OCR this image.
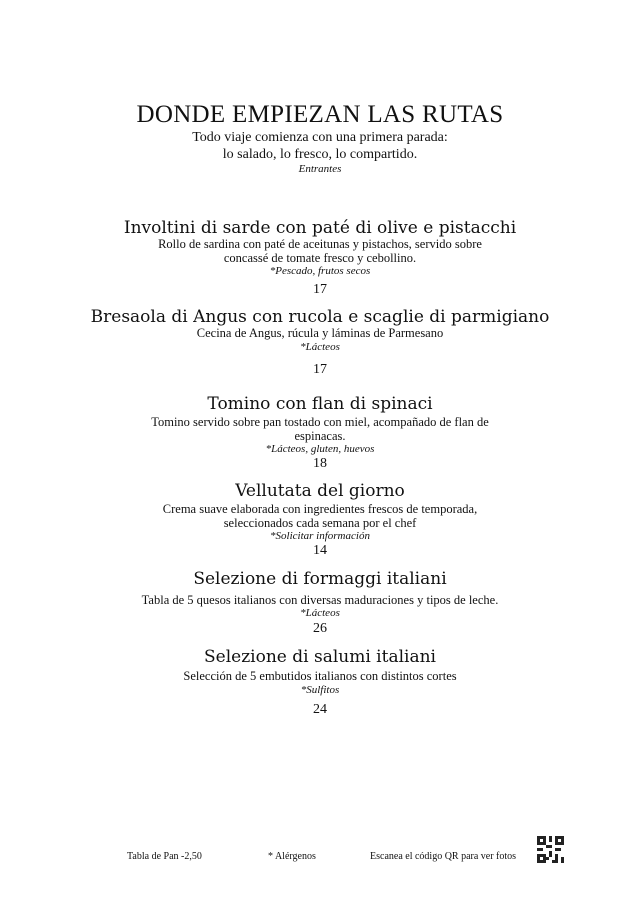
DONDE EMPIEZAN LAS RUTAS
Todo viaje comienza con una primera parada:
lo salado, lo fresco, lo compartido.
Entrantes
Involtini di sarde con paté di olive e pistacchi
Rollo de sardina con paté de aceitunas y pistachos, servido sobre
concassé de tomate fresco y cebollino.
*Pescado, frutos secos
17
Bresaola di Angus con rucola e scaglie di parmigiano
Cecina de Angus, rúcula y láminas de Parmesano
*Lácteos
17
Tomino con flan di spinaci
Tomino servido sobre pan tostado con miel, acompañado de flan de
espinacas.
*Lácteos, gluten, huevos
18
Vellutata del giorno
Crema suave elaborada con ingredientes frescos de temporada,
seleccionados cada semana por el chef
*Solicitar información
14
Selezione di formaggi italiani
Tabla de 5 quesos italianos con diversas maduraciones y tipos de leche.
*Lácteos
26
Selezione di salumi italiani
Selección de 5 embutidos italianos con distintos cortes
*Sulfitos
24
Tabla de Pan -2,50	* Alérgenos	Escanea el código QR para ver fotos
